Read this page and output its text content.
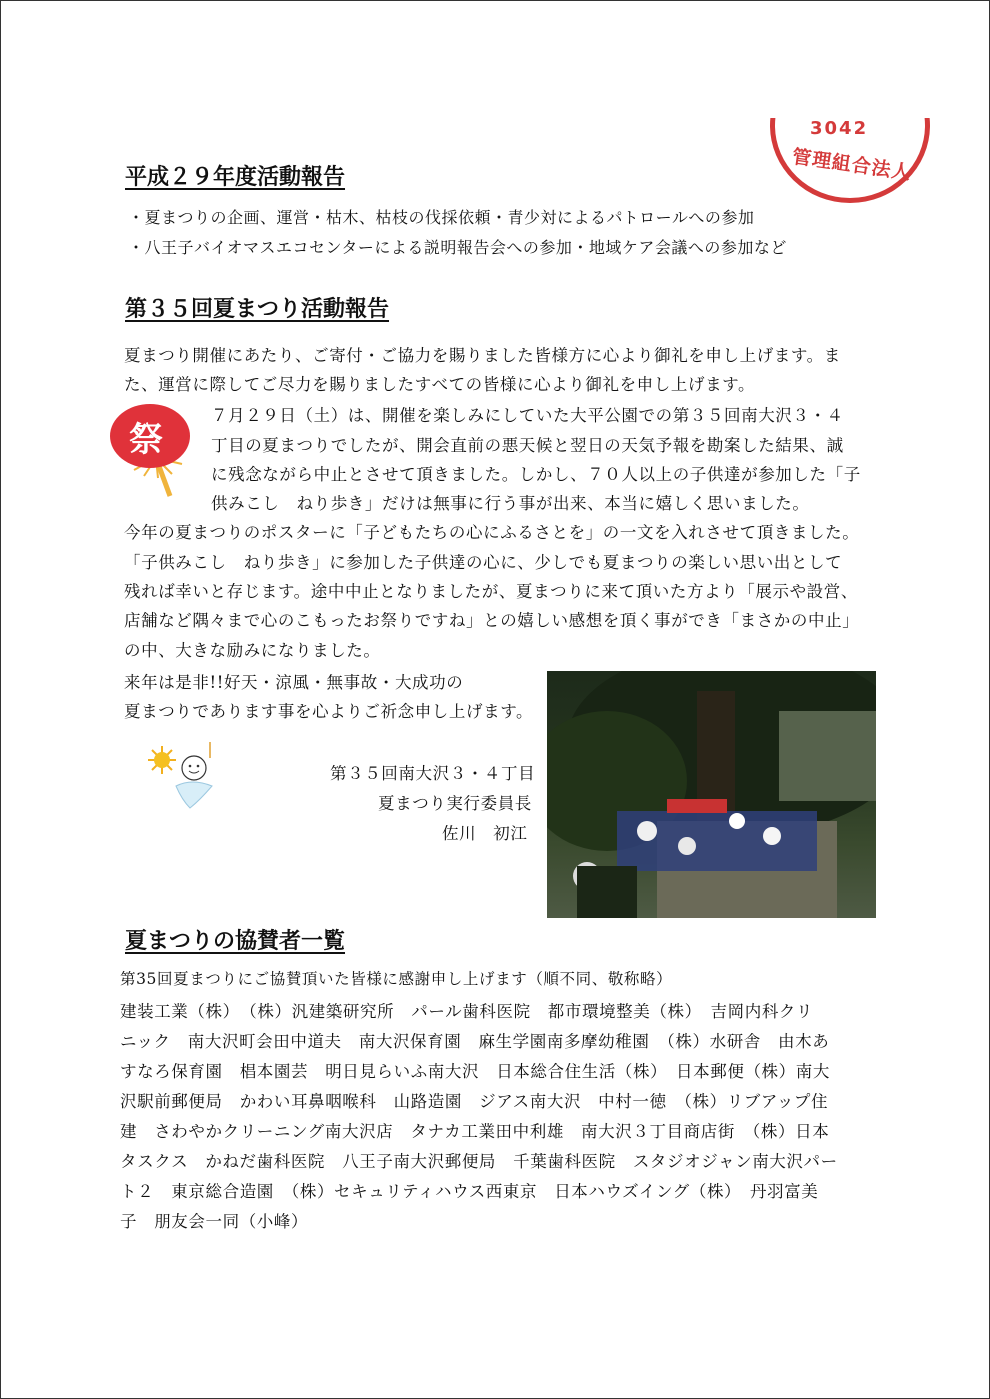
3042
管理組合法人
平成２９年度活動報告

・夏まつりの企画、運営・枯木、枯枝の伐採依頼・青少対によるパトロールへの参加

・八王子バイオマスエコセンターによる説明報告会への参加・地域ケア会議への参加など

第３５回夏まつり活動報告
夏まつり開催にあたり、ご寄付・ご協力を賜りました皆様方に心より御礼を申し上げます。ま
た、運営に際してご尽力を賜りましたすべての皆様に心より御礼を申し上げます。
祭
７月２９日（土）は、開催を楽しみにしていた大平公園での第３５回南大沢３・４
丁目の夏まつりでしたが、開会直前の悪天候と翌日の天気予報を勘案した結果、誠
に残念ながら中止とさせて頂きました。しかし、７０人以上の子供達が参加した「子
供みこし　ねり歩き」だけは無事に行う事が出来、本当に嬉しく思いました。
今年の夏まつりのポスターに「子どもたちの心にふるさとを」の一文を入れさせて頂きました。
「子供みこし　ねり歩き」に参加した子供達の心に、少しでも夏まつりの楽しい思い出として
残れば幸いと存じます。途中中止となりましたが、夏まつりに来て頂いた方より「展示や設営、
店舗など隅々まで心のこもったお祭りですね」との嬉しい感想を頂く事ができ「まさかの中止」
の中、大きな励みになりました。
来年は是非!!好天・涼風・無事故・大成功の
夏まつりであります事を心よりご祈念申し上げます。
第３５回南大沢３・４丁目
夏まつり実行委員長
佐川　初江
夏まつりの協賛者一覧
第35回夏まつりにご協賛頂いた皆様に感謝申し上げます（順不同、敬称略）
建装工業（株）　（株）汎建築研究所　パール歯科医院　都市環境整美（株）　吉岡内科クリ
ニック　南大沢町会田中道夫　南大沢保育園　麻生学園南多摩幼稚園　（株）水研舎　由木あ
すなろ保育園　椙本園芸　明日見らいふ南大沢　日本総合住生活（株）　日本郵便（株）南大
沢駅前郵便局　かわい耳鼻咽喉科　山路造園　ジアス南大沢　中村一徳　（株）リブアップ住
建　さわやかクリーニング南大沢店　タナカ工業田中利雄　南大沢３丁目商店街　（株）日本
タスクス　かねだ歯科医院　八王子南大沢郵便局　千葉歯科医院　スタジオジャン南大沢パー
ト２　東京総合造園　（株）セキュリティハウス西東京　日本ハウズイング（株）　丹羽富美
子　朋友会一同（小峰）
